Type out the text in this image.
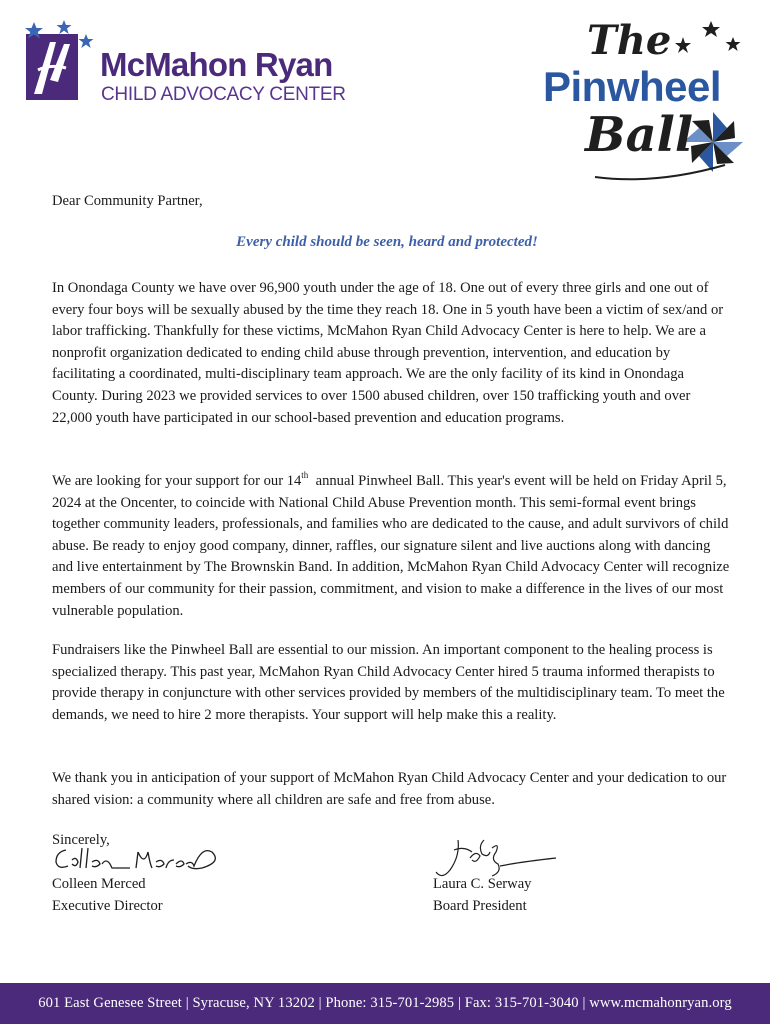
McMahon Ryan
CHILD ADVOCACY CENTER
The
Pinwheel
Ball
Dear Community Partner,
Every child should be seen, heard and protected!

In Onondaga County we have over 96,900 youth under the age of 18. One out of every three girls and one out of every four boys will be sexually abused by the time they reach 18. One in 5 youth have been a victim of sex/and or labor trafficking. Thankfully for these victims, McMahon Ryan Child Advocacy Center is here to help. We are a nonprofit organization dedicated to ending child abuse through prevention, intervention, and education by facilitating a coordinated, multi-disciplinary team approach. We are the only facility of its kind in Onondaga County. During 2023 we provided services to over 1500 abused children, over 150 trafficking youth and over 22,000 youth have participated in our school-based prevention and education programs.

We are looking for your support for our 14th  annual Pinwheel Ball. This year's event will be held on Friday April 5, 2024 at the Oncenter, to coincide with National Child Abuse Prevention month. This semi-formal event brings together community leaders, professionals, and families who are dedicated to the cause, and adult survivors of child abuse. Be ready to enjoy good company, dinner, raffles, our signature silent and live auctions along with dancing and live entertainment by The Brownskin Band. In addition, McMahon Ryan Child Advocacy Center will recognize members of our community for their passion, commitment, and vision to make a difference in the lives of our most vulnerable population.

Fundraisers like the Pinwheel Ball are essential to our mission. An important component to the healing process is specialized therapy. This past year, McMahon Ryan Child Advocacy Center hired 5 trauma informed therapists to provide therapy in conjuncture with other services provided by members of the multidisciplinary team. To meet the demands, we need to hire 2 more therapists. Your support will help make this a reality.

We thank you in anticipation of your support of McMahon Ryan Child Advocacy Center and your dedication to our shared vision: a community where all children are safe and free from abuse.

Sincerely,
Colleen Merced
Executive Director
Laura C. Serway
Board President
601 East Genesee Street | Syracuse, NY 13202 | Phone: 315-701-2985 | Fax: 315-701-3040 | www.mcmahonryan.org
